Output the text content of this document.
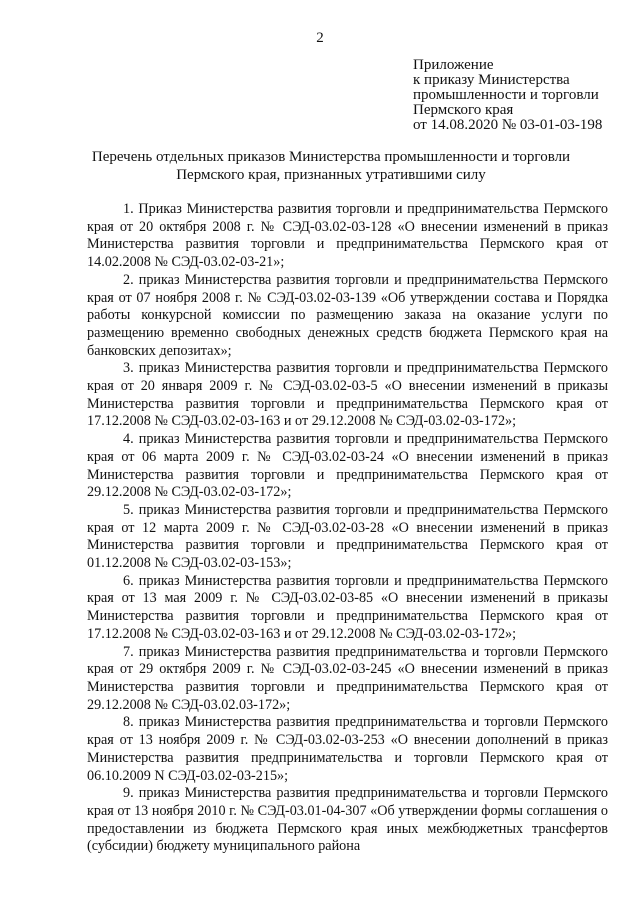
2
Приложение
к приказу Министерства
промышленности и торговли
Пермского края
от 14.08.2020 № 03-01-03-198
Перечень отдельных приказов Министерства промышленности и торговли
Пермского края, признанных утратившими силу

1. Приказ Министерства развития торговли и предпринимательства Пермского края от 20 октября 2008 г. № СЭД-03.02-03-128 «О внесении изменений в приказ Министерства развития торговли и предпринимательства Пермского края от 14.02.2008 № СЭД-03.02-03-21»;

2. приказ Министерства развития торговли и предпринимательства Пермского края от 07 ноября 2008 г. № СЭД-03.02-03-139 «Об утверждении состава и Порядка работы конкурсной комиссии по размещению заказа на оказание услуги по размещению временно свободных денежных средств бюджета Пермского края на банковских депозитах»;

3. приказ Министерства развития торговли и предпринимательства Пермского края от 20 января 2009 г. № СЭД-03.02-03-5 «О внесении изменений в приказы Министерства развития торговли и предпринимательства Пермского края от 17.12.2008 № СЭД-03.02-03-163 и от 29.12.2008 № СЭД-03.02-03-172»;

4. приказ Министерства развития торговли и предпринимательства Пермского края от 06 марта 2009 г. № СЭД-03.02-03-24 «О внесении изменений в приказ Министерства развития торговли и предпринимательства Пермского края от 29.12.2008 № СЭД-03.02-03-172»;

5. приказ Министерства развития торговли и предпринимательства Пермского края от 12 марта 2009 г. № СЭД-03.02-03-28 «О внесении изменений в приказ Министерства развития торговли и предпринимательства Пермского края от 01.12.2008 № СЭД-03.02-03-153»;

6. приказ Министерства развития торговли и предпринимательства Пермского края от 13 мая 2009 г. № СЭД-03.02-03-85 «О внесении изменений в приказы Министерства развития торговли и предпринимательства Пермского края от 17.12.2008 № СЭД-03.02-03-163 и от 29.12.2008 № СЭД-03.02-03-172»;

7. приказ Министерства развития предпринимательства и торговли Пермского края от 29 октября 2009 г. № СЭД-03.02-03-245 «О внесении изменений в приказ Министерства развития торговли и предпринимательства Пермского края от 29.12.2008 № СЭД-03.02.03-172»;

8. приказ Министерства развития предпринимательства и торговли Пермского края от 13 ноября 2009 г. № СЭД-03.02-03-253 «О внесении дополнений в приказ Министерства развития предпринимательства и торговли Пермского края от 06.10.2009 N СЭД-03.02-03-215»;

9. приказ Министерства развития предпринимательства и торговли Пермского края от 13 ноября 2010 г. № СЭД-03.01-04-307 «Об утверждении формы соглашения о предоставлении из бюджета Пермского края иных межбюджетных трансфертов (субсидии) бюджету муниципального района
